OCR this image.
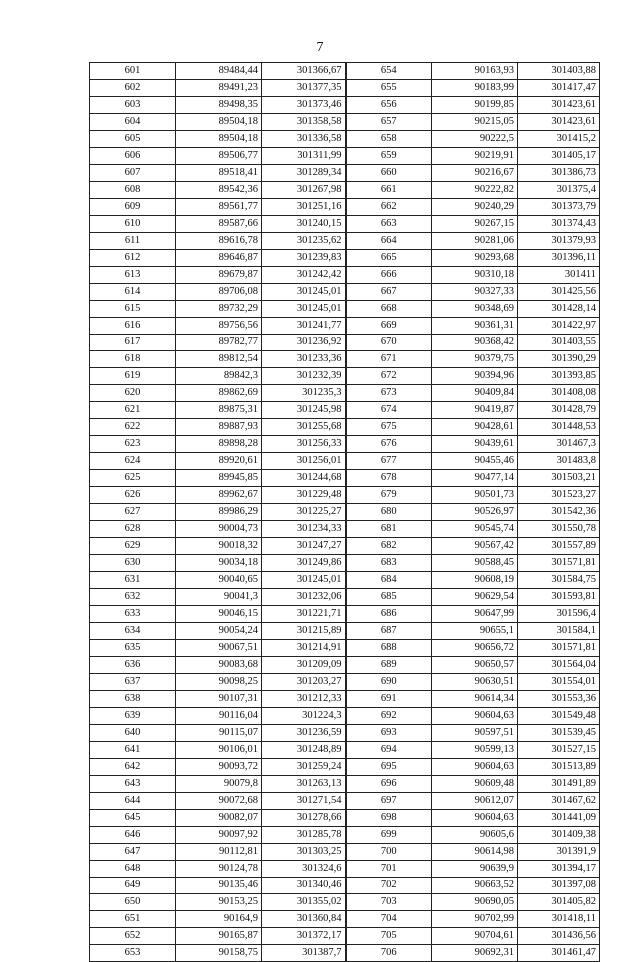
7
601	89484,44	301366,67	654	90163,93	301403,88
602	89491,23	301377,35	655	90183,99	301417,47
603	89498,35	301373,46	656	90199,85	301423,61
604	89504,18	301358,58	657	90215,05	301423,61
605	89504,18	301336,58	658	90222,5	301415,2
606	89506,77	301311,99	659	90219,91	301405,17
607	89518,41	301289,34	660	90216,67	301386,73
608	89542,36	301267,98	661	90222,82	301375,4
609	89561,77	301251,16	662	90240,29	301373,79
610	89587,66	301240,15	663	90267,15	301374,43
611	89616,78	301235,62	664	90281,06	301379,93
612	89646,87	301239,83	665	90293,68	301396,11
613	89679,87	301242,42	666	90310,18	301411
614	89706,08	301245,01	667	90327,33	301425,56
615	89732,29	301245,01	668	90348,69	301428,14
616	89756,56	301241,77	669	90361,31	301422,97
617	89782,77	301236,92	670	90368,42	301403,55
618	89812,54	301233,36	671	90379,75	301390,29
619	89842,3	301232,39	672	90394,96	301393,85
620	89862,69	301235,3	673	90409,84	301408,08
621	89875,31	301245,98	674	90419,87	301428,79
622	89887,93	301255,68	675	90428,61	301448,53
623	89898,28	301256,33	676	90439,61	301467,3
624	89920,61	301256,01	677	90455,46	301483,8
625	89945,85	301244,68	678	90477,14	301503,21
626	89962,67	301229,48	679	90501,73	301523,27
627	89986,29	301225,27	680	90526,97	301542,36
628	90004,73	301234,33	681	90545,74	301550,78
629	90018,32	301247,27	682	90567,42	301557,89
630	90034,18	301249,86	683	90588,45	301571,81
631	90040,65	301245,01	684	90608,19	301584,75
632	90041,3	301232,06	685	90629,54	301593,81
633	90046,15	301221,71	686	90647,99	301596,4
634	90054,24	301215,89	687	90655,1	301584,1
635	90067,51	301214,91	688	90656,72	301571,81
636	90083,68	301209,09	689	90650,57	301564,04
637	90098,25	301203,27	690	90630,51	301554,01
638	90107,31	301212,33	691	90614,34	301553,36
639	90116,04	301224,3	692	90604,63	301549,48
640	90115,07	301236,59	693	90597,51	301539,45
641	90106,01	301248,89	694	90599,13	301527,15
642	90093,72	301259,24	695	90604,63	301513,89
643	90079,8	301263,13	696	90609,48	301491,89
644	90072,68	301271,54	697	90612,07	301467,62
645	90082,07	301278,66	698	90604,63	301441,09
646	90097,92	301285,78	699	90605,6	301409,38
647	90112,81	301303,25	700	90614,98	301391,9
648	90124,78	301324,6	701	90639,9	301394,17
649	90135,46	301340,46	702	90663,52	301397,08
650	90153,25	301355,02	703	90690,05	301405,82
651	90164,9	301360,84	704	90702,99	301418,11
652	90165,87	301372,17	705	90704,61	301436,56
653	90158,75	301387,7	706	90692,31	301461,47
